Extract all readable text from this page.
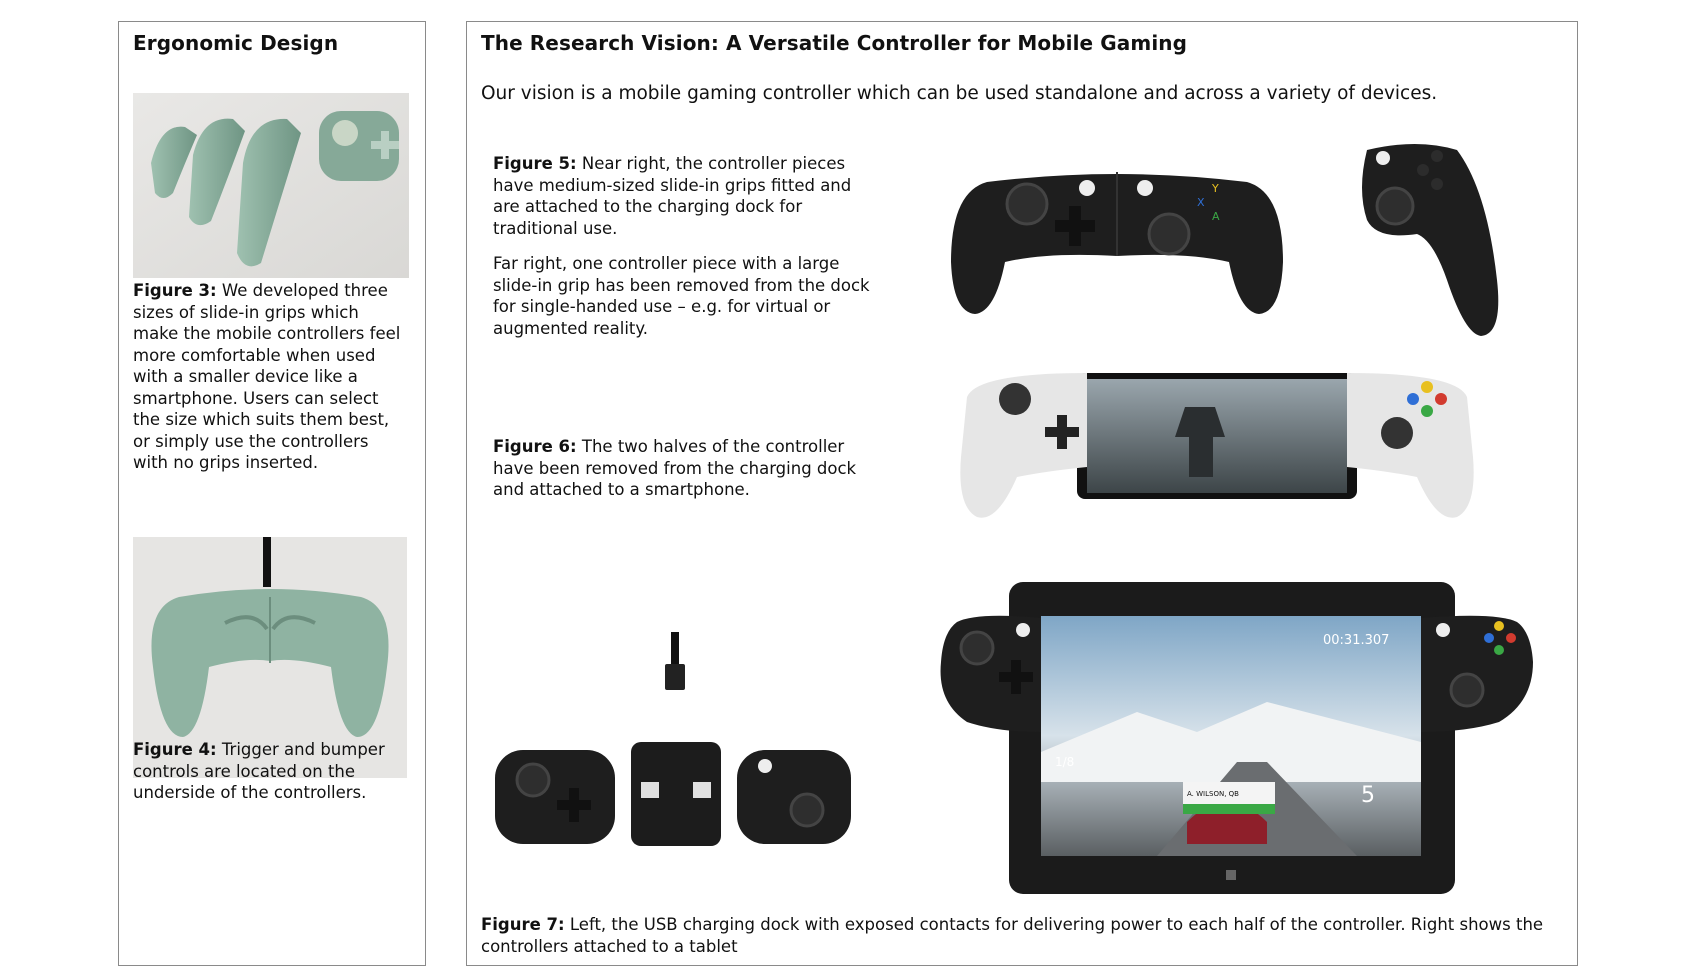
Ergonomic Design

Figure 3: We developed three sizes of slide-in grips which make the mobile controllers feel more comfortable when used with a smaller device like a smartphone. Users can select the size which suits them best, or simply use the controllers with no grips inserted.

Figure 4: Trigger and bumper controls are located on the underside of the controllers.

The Research Vision: A Versatile Controller for Mobile Gaming

Our vision is a mobile gaming controller which can be used standalone and across a variety of devices.

Figure 5: Near right, the controller pieces have medium-sized slide-in grips fitted and are attached to the charging dock for traditional use.

Far right, one controller piece with a large slide-in grip has been removed from the dock for single-handed use – e.g. for virtual or augmented reality.

Figure 6: The two halves of the controller have been removed from the charging dock and attached to a smartphone.

Figure 7: Left, the USB charging dock with exposed contacts for delivering power to each half of the controller. Right shows the controllers attached to a tablet

Y
X
A
00:31.307
1/8
5
A. WILSON, QB
